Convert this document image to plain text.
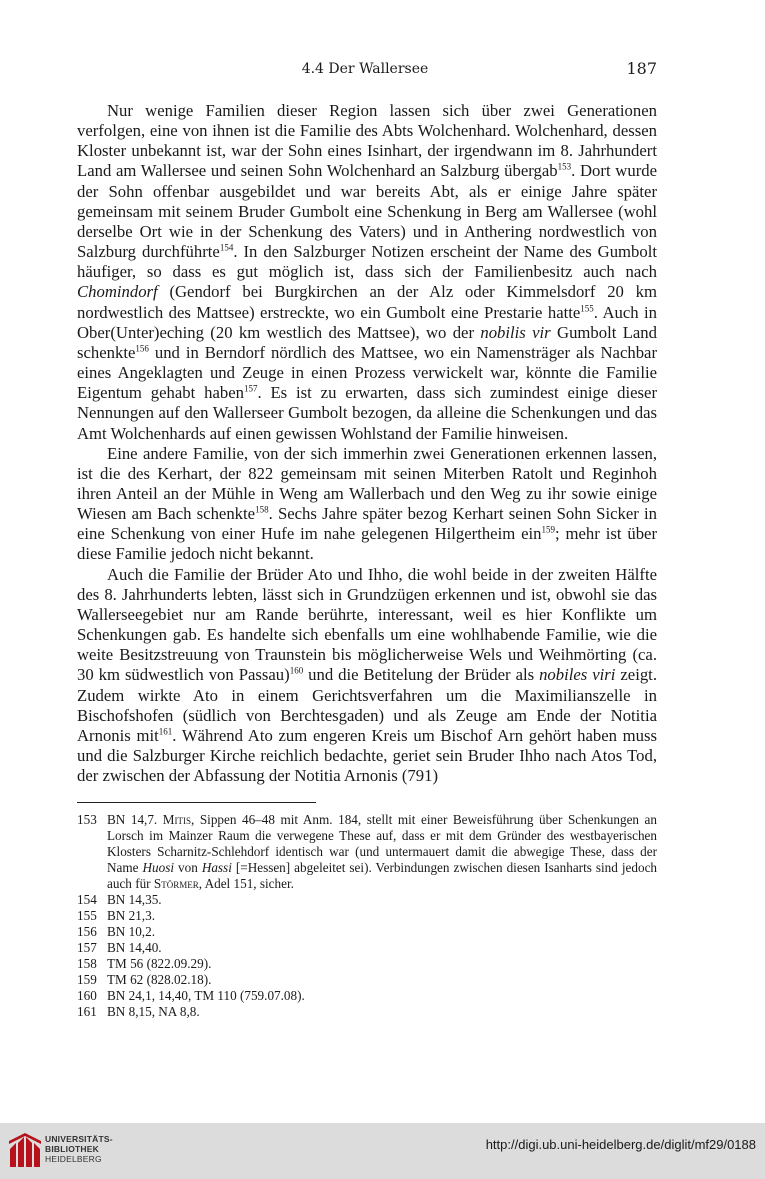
4.4 Der Wallersee	187

Nur wenige Familien dieser Region lassen sich über zwei Generationen verfolgen, eine von ihnen ist die Familie des Abts Wolchenhard. Wolchenhard, dessen Kloster unbekannt ist, war der Sohn eines Isinhart, der irgendwann im 8. Jahrhundert Land am Wallersee und seinen Sohn Wolchenhard an Salzburg übergab$^{153}$. Dort wurde der Sohn offenbar ausgebildet und war bereits Abt, als er einige Jahre später gemeinsam mit seinem Bruder Gumbolt eine Schenkung in Berg am Wallersee (wohl derselbe Ort wie in der Schenkung des Vaters) und in Anthering nordwestlich von Salzburg durchführte$^{154}$. In den Salzburger Notizen erscheint der Name des Gumbolt häufiger, so dass es gut möglich ist, dass sich der Familienbesitz auch nach Chomindorf (Gendorf bei Burgkirchen an der Alz oder Kimmelsdorf 20 km nordwestlich des Mattsee) erstreckte, wo ein Gumbolt eine Prestarie hatte$^{155}$. Auch in Ober(Unter)eching (20 km westlich des Mattsee), wo der nobilis vir Gumbolt Land schenkte$^{156}$ und in Berndorf nördlich des Mattsee, wo ein Namensträger als Nachbar eines Angeklagten und Zeuge in einen Prozess verwickelt war, könnte die Familie Eigentum gehabt haben$^{157}$. Es ist zu erwarten, dass sich zumindest einige dieser Nennungen auf den Wallerseer Gumbolt bezogen, da alleine die Schenkungen und das Amt Wolchenhards auf einen gewissen Wohlstand der Familie hinweisen.

Eine andere Familie, von der sich immerhin zwei Generationen erkennen lassen, ist die des Kerhart, der 822 gemeinsam mit seinen Miterben Ratolt und Reginhoh ihren Anteil an der Mühle in Weng am Wallerbach und den Weg zu ihr sowie einige Wiesen am Bach schenkte$^{158}$. Sechs Jahre später bezog Kerhart seinen Sohn Sicker in eine Schenkung von einer Hufe im nahe gelegenen Hilgertheim ein$^{159}$; mehr ist über diese Familie jedoch nicht bekannt.

Auch die Familie der Brüder Ato und Ihho, die wohl beide in der zweiten Hälfte des 8. Jahrhunderts lebten, lässt sich in Grundzügen erkennen und ist, obwohl sie das Wallerseegebiet nur am Rande berührte, interessant, weil es hier Konflikte um Schenkungen gab. Es handelte sich ebenfalls um eine wohlhabende Familie, wie die weite Besitzstreuung von Traunstein bis möglicherweise Wels und Weihmörting (ca. 30 km südwestlich von Passau)$^{160}$ und die Betitelung der Brüder als nobiles viri zeigt. Zudem wirkte Ato in einem Gerichtsverfahren um die Maximilianszelle in Bischofshofen (südlich von Berchtesgaden) und als Zeuge am Ende der Notitia Arnonis mit$^{161}$. Während Ato zum engeren Kreis um Bischof Arn gehört haben muss und die Salzburger Kirche reichlich bedachte, geriet sein Bruder Ihho nach Atos Tod, der zwischen der Abfassung der Notitia Arnonis (791)

153 BN 14,7. Mitis, Sippen 46–48 mit Anm. 184, stellt mit einer Beweisführung über Schenkungen an Lorsch im Mainzer Raum die verwegene These auf, dass er mit dem Gründer des westbayerischen Klosters Scharnitz-Schlehdorf identisch war (und untermauert damit die abwegige These, dass der Name Huosi von Hassi [=Hessen] abgeleitet sei). Verbindungen zwischen diesen Isanharts sind jedoch auch für Störmer, Adel 151, sicher.
154 BN 14,35.
155 BN 21,3.
156 BN 10,2.
157 BN 14,40.
158 TM 56 (822.09.29).
159 TM 62 (828.02.18).
160 BN 24,1, 14,40, TM 110 (759.07.08).
161 BN 8,15, NA 8,8.
UNIVERSITÄTS-
BIBLIOTHEK
HEIDELBERG
http://digi.ub.uni-heidelberg.de/diglit/mf29/0188
